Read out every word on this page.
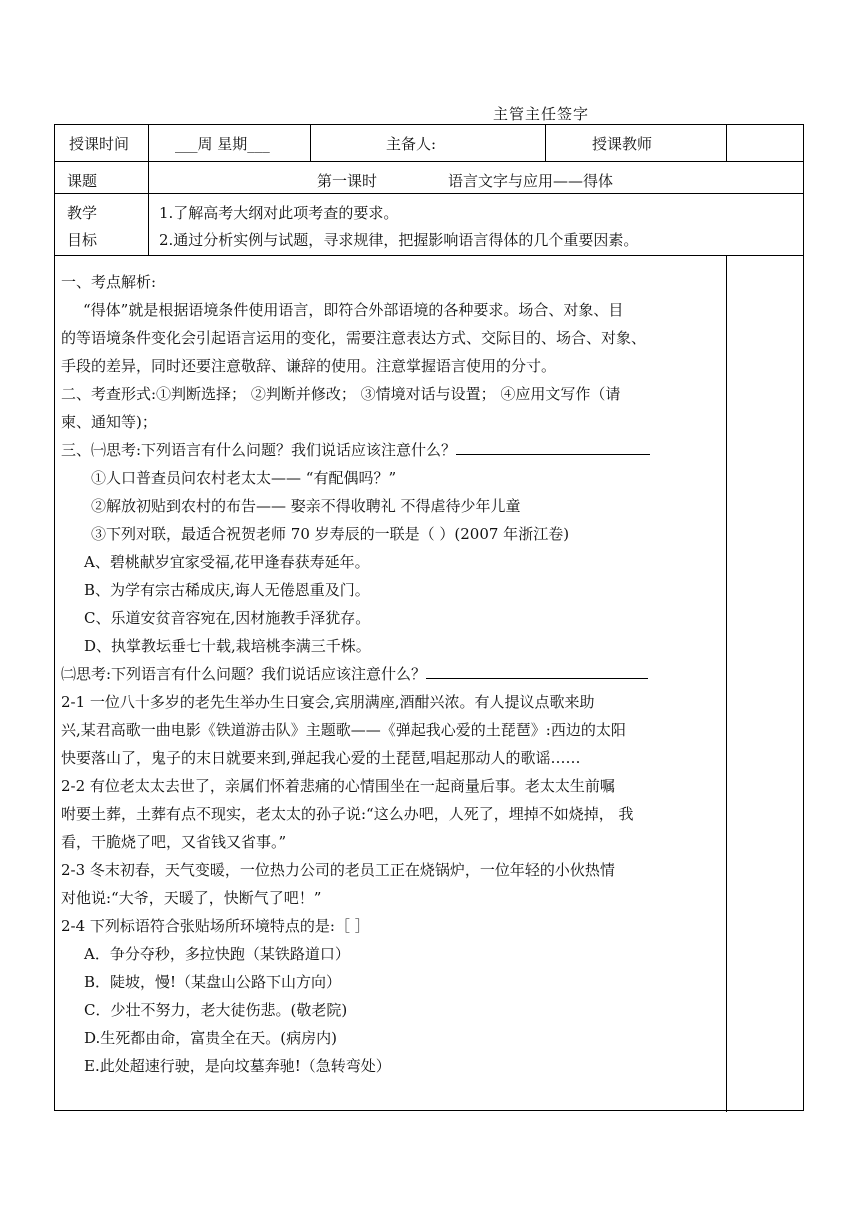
主管主任签字
授课时间	___周 星期___	主备人:	授课教师
课题	第一课时	语言文字与应用——得体
教学
目标
1.了解高考大纲对此项考查的要求。
2.通过分析实例与试题，寻求规律，把握影响语言得体的几个重要因素。

一、考点解析:

“得体”就是根据语境条件使用语言，即符合外部语境的各种要求。场合、对象、目

的等语境条件变化会引起语言运用的变化，需要注意表达方式、交际目的、场合、对象、

手段的差异，同时还要注意敬辞、谦辞的使用。注意掌握语言使用的分寸。

二、考查形式:①判断选择； ②判断并修改； ③情境对话与设置； ④应用文写作（请

柬、通知等)；

三、㈠思考:下列语言有什么问题？我们说话应该注意什么？

①人口普查员问农村老太太—— “有配偶吗？”

②解放初贴到农村的布告—— 娶亲不得收聘礼 不得虐待少年儿童

③下列对联，最适合祝贺老师 70 岁寿辰的一联是（ ）(2007 年浙江卷)

A、碧桃献岁宜家受福,花甲逢春获寿延年。

B、为学有宗古稀成庆,诲人无倦恩重及门。

C、乐道安贫音容宛在,因材施教手泽犹存。

D、执掌教坛垂七十载,栽培桃李满三千株。

㈡思考:下列语言有什么问题？我们说话应该注意什么？

2-1 一位八十多岁的老先生举办生日宴会,宾朋满座,酒酣兴浓。有人提议点歌来助

兴,某君高歌一曲电影《铁道游击队》主题歌——《弹起我心爱的土琵琶》:西边的太阳

快要落山了，鬼子的末日就要来到,弹起我心爱的土琵琶,唱起那动人的歌谣……

2-2 有位老太太去世了，亲属们怀着悲痛的心情围坐在一起商量后事。老太太生前嘱

咐要土葬，土葬有点不现实，老太太的孙子说:“这么办吧，人死了，埋掉不如烧掉， 我

看，干脆烧了吧，又省钱又省事。”

2-3 冬末初春，天气变暖，一位热力公司的老员工正在烧锅炉，一位年轻的小伙热情

对他说:“大爷，天暖了，快断气了吧！”

2-4 下列标语符合张贴场所环境特点的是:［ ］

A．争分夺秒，多拉快跑（某铁路道口）

B．陡坡，慢!（某盘山公路下山方向）

C．少壮不努力，老大徒伤悲。(敬老院)

D.生死都由命，富贵全在天。(病房内)

E.此处超速行驶，是向坟墓奔驰!（急转弯处）
